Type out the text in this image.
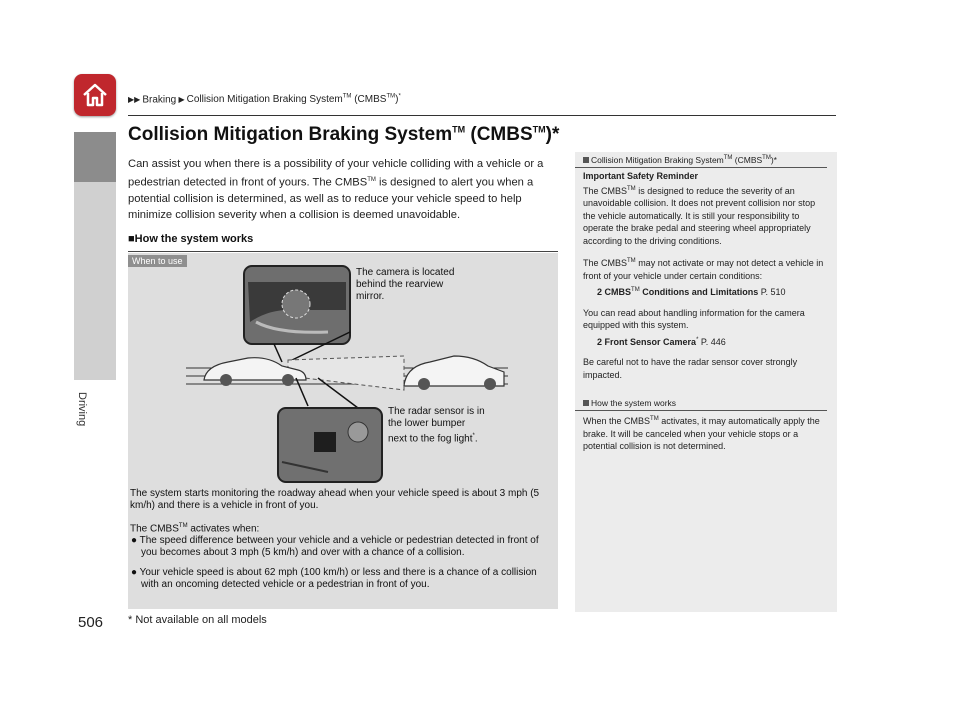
▶▶ Braking ▶ Collision Mitigation Braking System™ (CMBS™)*
Driving
Collision Mitigation Braking System™ (CMBS™)*
Can assist you when there is a possibility of your vehicle colliding with a vehicle or a pedestrian detected in front of yours. The CMBS™ is designed to alert you when a potential collision is determined, as well as to reduce your vehicle speed to help minimize collision severity when a collision is deemed unavoidable.
■How the system works
When to use
The camera is located
behind the rearview
mirror.
The radar sensor is in
the lower bumper
next to the fog light*.

The system starts monitoring the roadway ahead when your vehicle speed is about 3 mph (5 km/h) and there is a vehicle in front of you.

The CMBS™ activates when:

● The speed difference between your vehicle and a vehicle or pedestrian detected in front of you becomes about 3 mph (5 km/h) and over with a chance of a collision.

● Your vehicle speed is about 62 mph (100 km/h) or less and there is a chance of a collision with an oncoming detected vehicle or a pedestrian in front of you.

Collision Mitigation Braking System™ (CMBS™)*
Important Safety Reminder

The CMBS™ is designed to reduce the severity of an unavoidable collision. It does not prevent collision nor stop the vehicle automatically. It is still your responsibility to operate the brake pedal and steering wheel appropriately according to the driving conditions.

The CMBS™ may not activate or may not detect a vehicle in front of your vehicle under certain conditions:

2 CMBS™ Conditions and Limitations P. 510

You can read about handling information for the camera equipped with this system.

2 Front Sensor Camera* P. 446

Be careful not to have the radar sensor cover strongly impacted.

How the system works

When the CMBS™ activates, it may automatically apply the brake. It will be canceled when your vehicle stops or a potential collision is not determined.

506 * Not available on all models
